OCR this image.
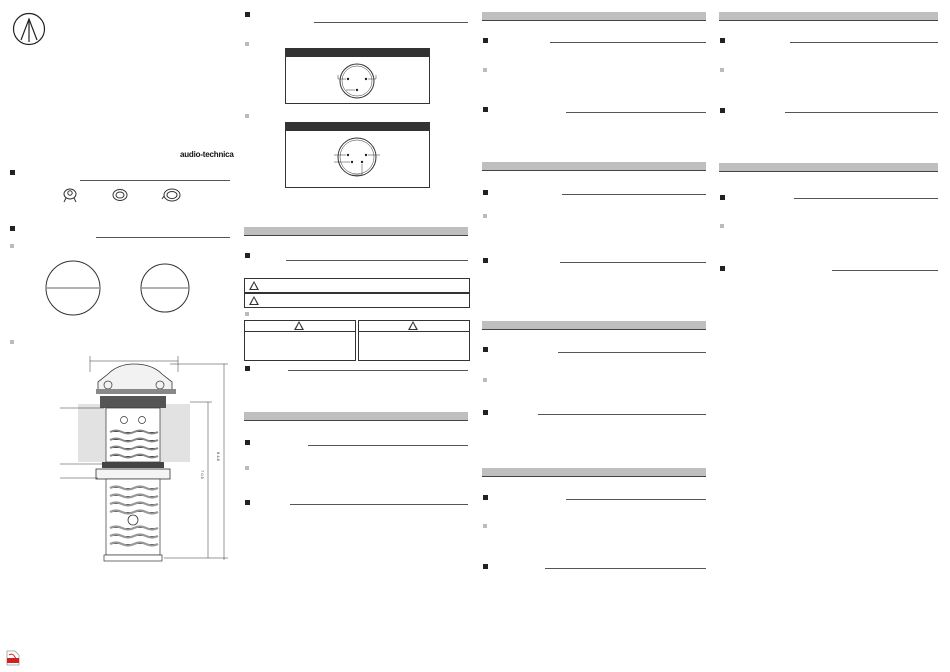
audio-technica
7 0.5
8 4.8
